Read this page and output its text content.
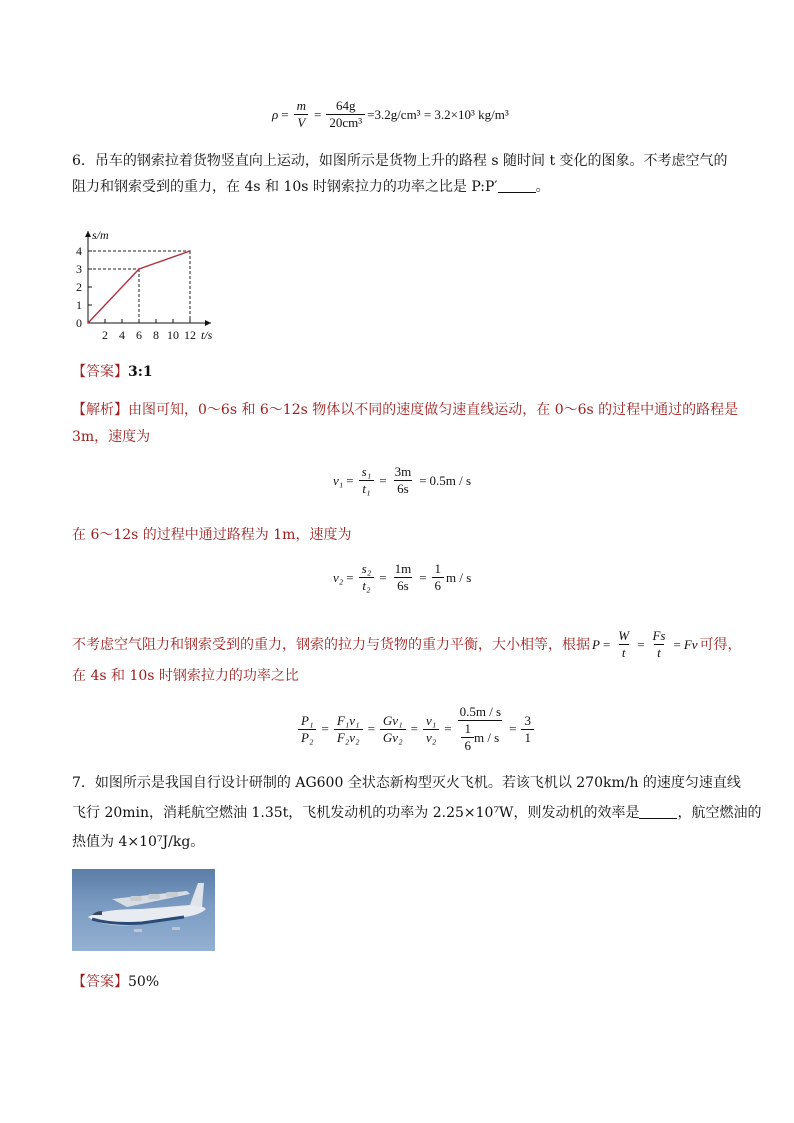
$\rho = \frac{m}{V} = \frac{64g}{\text{20cm³}} =3.2g/cm^3 = 3.2\times 10^3$ kg/m³
6．吊车的钢索拉着货物竖直向上运动，如图所示是货物上升的路程 s 随时间 t 变化的图象。不考虑空气的
阻力和钢索受到的重力，在 4s 和 10s 时钢索拉力的功率之比是 P:P′	。
s/m
t/s
0
1
2
3
4
2 4 6 8 10 12
【答案】3:1
【解析】由图可知，0～6s 和 6～12s 物体以不同的速度做匀速直线运动，在 0～6s 的过程中通过的路程是
3m，速度为
$v_1 = \frac{\text{s₁}}{\text{t₁}} = \frac{3m}{6s} = 0.5m / s$
在 6～12s 的过程中通过路程为 1m，速度为
$v_2 = \frac{\text{s₂}}{\text{t₂}} = \frac{1m}{6s} = \frac{1}{6}$ m / s
不考虑空气阻力和钢索受到的重力，钢索的拉力与货物的重力平衡，大小相等，根据 $P = \frac{W}{t} = \frac{Fs}{t} = Fv$ 可得，
在 4s 和 10s 时钢索拉力的功率之比
$\frac{\text{P₁}}{\text{P₂}} = \frac{\text{F₁v₁}}{\text{F₂v₂}} = \frac{\text{Gv₁}}{\text{Gv₂}} = \frac{\text{v₁}}{\text{v₂}} = \frac{0.5m / s}{\frac{1}{6} m / s} = \frac{3}{1}$
7．如图所示是我国自行设计研制的 AG600 全状态新构型灭火飞机。若该飞机以 270km/h 的速度匀速直线
飞行 20min，消耗航空燃油 1.35t，飞机发动机的功率为 2.25×10⁷W，则发动机的效率是	，航空燃油的
热值为 4×10⁷J/kg。
【答案】50%
